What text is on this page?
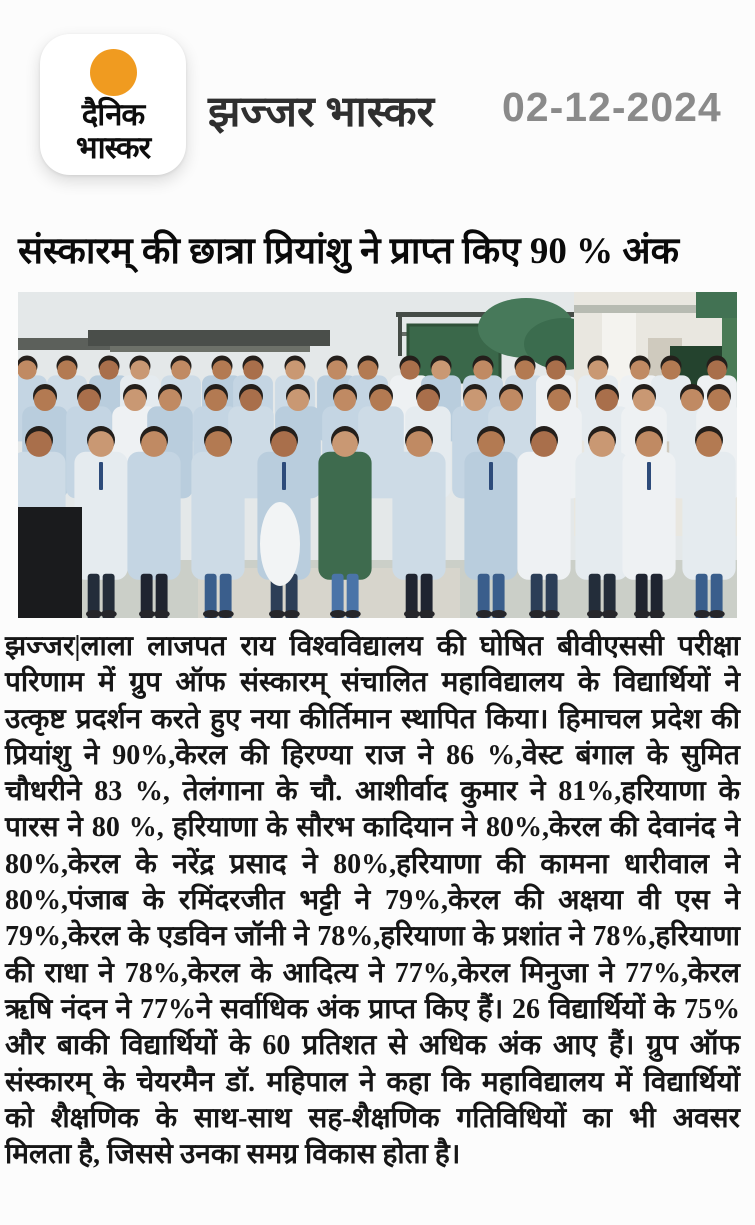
दैनिक
भास्कर
झज्जर भास्कर 02-12-2024
संस्कारम् की छात्रा प्रियांशु ने प्राप्त किए 90 % अंक
झज्जर|लाला लाजपत राय विश्वविद्यालय की घोषित बीवीएससी परीक्षा
परिणाम में ग्रुप ऑफ संस्कारम् संचालित महाविद्यालय के विद्यार्थियों ने
उत्कृष्ट प्रदर्शन करते हुए नया कीर्तिमान स्थापित किया। हिमाचल प्रदेश की
प्रियांशु ने 90%,केरल की हिरण्या राज ने 86 %,वेस्ट बंगाल के सुमित
चौधरीने 83 %, तेलंगाना के चौ. आशीर्वाद कुमार ने 81%,हरियाणा के
पारस ने 80 %, हरियाणा के सौरभ कादियान ने 80%,केरल की देवानंद ने
80%,केरल के नरेंद्र प्रसाद ने 80%,हरियाणा की कामना धारीवाल ने
80%,पंजाब के रमिंदरजीत भट्टी ने 79%,केरल की अक्षया वी एस ने
79%,केरल के एडविन जॉनी ने 78%,हरियाणा के प्रशांत ने 78%,हरियाणा
की राधा ने 78%,केरल के आदित्य ने 77%,केरल मिनुजा ने 77%,केरल
ऋषि नंदन ने 77%ने सर्वाधिक अंक प्राप्त किए हैं। 26 विद्यार्थियों के 75%
और बाकी विद्यार्थियों के 60 प्रतिशत से अधिक अंक आए हैं। ग्रुप ऑफ
संस्कारम् के चेयरमैन डॉ. महिपाल ने कहा कि महाविद्यालय में विद्यार्थियों
को शैक्षणिक के साथ-साथ सह-शैक्षणिक गतिविधियों का भी अवसर
मिलता है, जिससे उनका समग्र विकास होता है।
